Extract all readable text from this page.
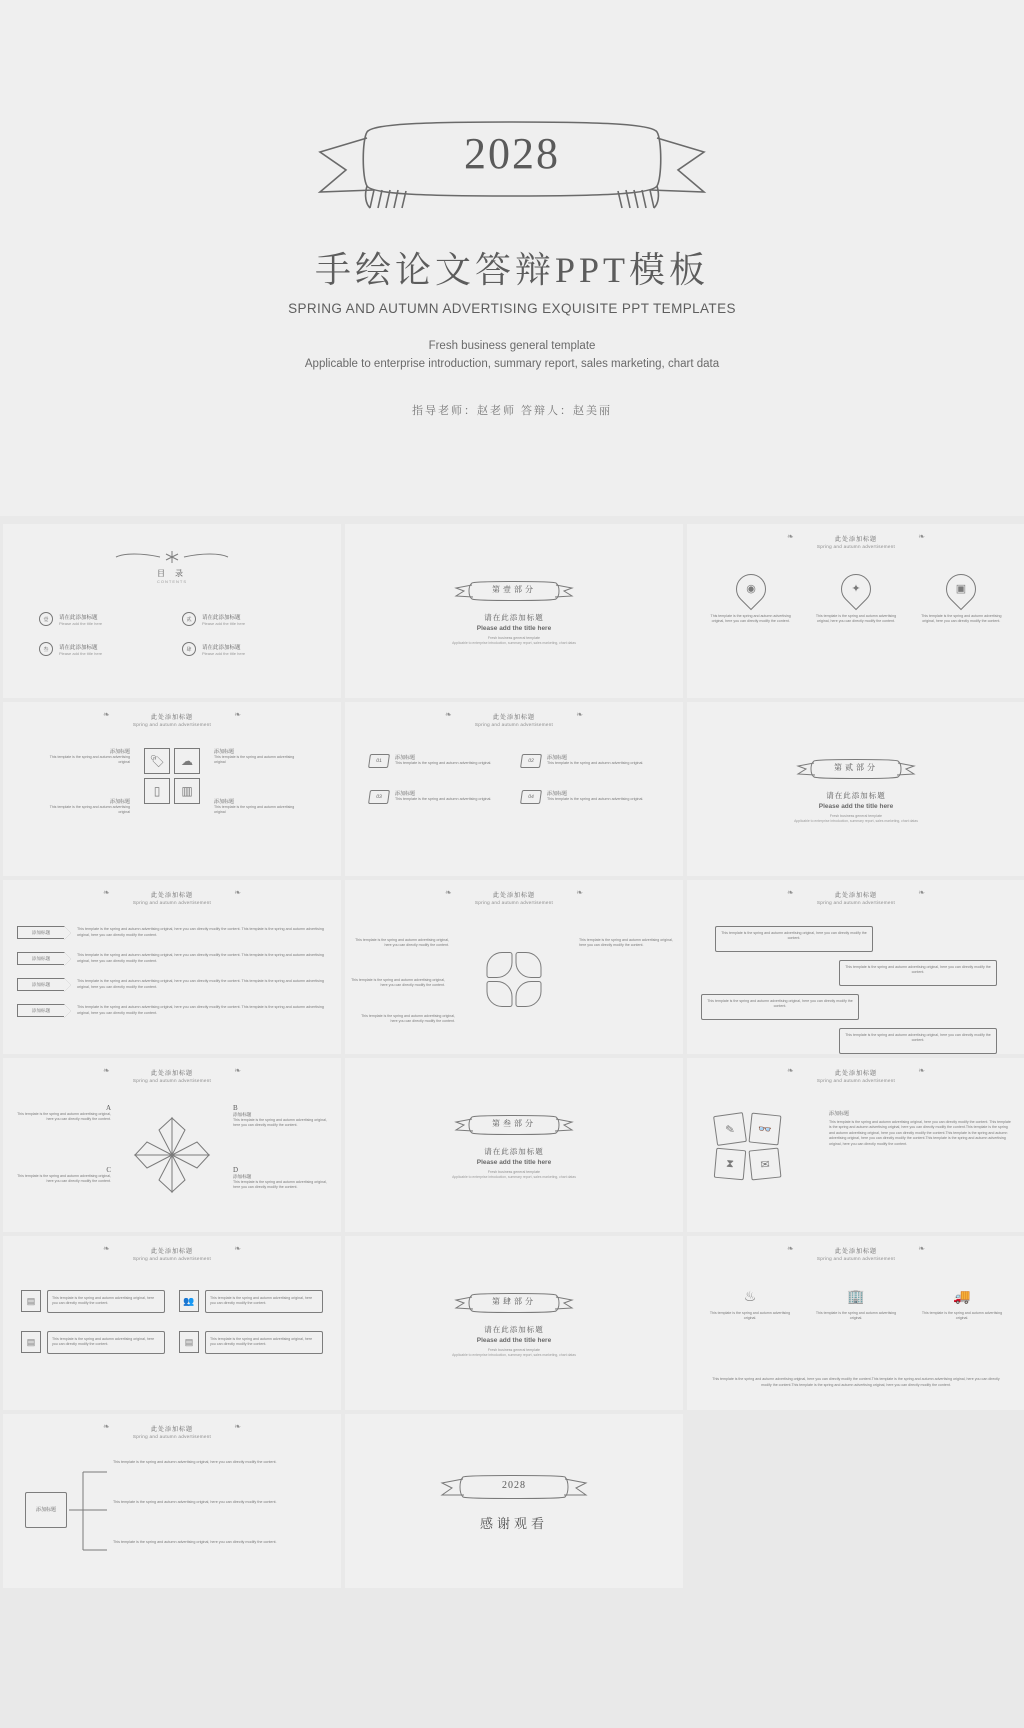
2028
手绘论文答辩PPT模板
SPRING AND AUTUMN ADVERTISING EXQUISITE PPT TEMPLATES
Fresh business general template
Applicable to enterprise introduction, summary report, sales marketing, chart data
指导老师：赵老师 答辩人：赵美丽
目 录
CONTENTS
壹	请在此添加标题
Please add the title here
贰	请在此添加标题
Please add the title here
叁	请在此添加标题
Please add the title here
肆	请在此添加标题
Please add the title here
第壹部分
请在此添加标题
Please add the title here
Fresh business general template
Applicable to enterprise introduction, summary report, sales marketing, chart datas
此处添加标题
Spring and autumn advertisement
❧	❧
◉
This template is the spring and autumn advertising original, here you can directly modify the content.
✦
This template is the spring and autumn advertising original, here you can directly modify the content.
▣
This template is the spring and autumn advertising original, here you can directly modify the content.
此处添加标题
Spring and autumn advertisement
❧	❧
添加标题
This template is the spring and autumn advertising original
添加标题
This template is the spring and autumn advertising original
🏷	☁
▯	▥
添加标题
This template is the spring and autumn advertising original
添加标题
This template is the spring and autumn advertising original
此处添加标题
Spring and autumn advertisement
❧	❧
01	添加标题
This template is the spring and autumn advertising original.	02	添加标题
This template is the spring and autumn advertising original.
03	添加标题
This template is the spring and autumn advertising original.	04	添加标题
This template is the spring and autumn advertising original.
第贰部分
请在此添加标题
Please add the title here
Fresh business general template
Applicable to enterprise introduction, summary report, sales marketing, chart datas
此处添加标题
Spring and autumn advertisement
❧	❧
添加标题
This template is the spring and autumn advertising original, here you can directly modify the content. This template is the spring and autumn advertising original, here you can directly modify the content.
添加标题
This template is the spring and autumn advertising original, here you can directly modify the content. This template is the spring and autumn advertising original, here you can directly modify the content.
添加标题
This template is the spring and autumn advertising original, here you can directly modify the content. This template is the spring and autumn advertising original, here you can directly modify the content.
添加标题
This template is the spring and autumn advertising original, here you can directly modify the content. This template is the spring and autumn advertising original, here you can directly modify the content.
此处添加标题
Spring and autumn advertisement
❧	❧
This template is the spring and autumn advertising original, here you can directly modify the content.
This template is the spring and autumn advertising original, here you can directly modify the content.
This template is the spring and autumn advertising original, here you can directly modify the content.
This template is the spring and autumn advertising original, here you can directly modify the content.
此处添加标题
Spring and autumn advertisement
❧	❧
This template is the spring and autumn advertising original, here you can directly modify the content.
This template is the spring and autumn advertising original, here you can directly modify the content.
This template is the spring and autumn advertising original, here you can directly modify the content.
This template is the spring and autumn advertising original, here you can directly modify the content.
此处添加标题
Spring and autumn advertisement
❧	❧
A
This template is the spring and autumn advertising original, here you can directly modify the content.
B
添加标题
This template is the spring and autumn advertising original, here you can directly modify the content.
C
This template is the spring and autumn advertising original, here you can directly modify the content.
D
添加标题
This template is the spring and autumn advertising original, here you can directly modify the content.
第叁部分
请在此添加标题
Please add the title here
Fresh business general template
Applicable to enterprise introduction, summary report, sales marketing, chart datas
此处添加标题
Spring and autumn advertisement
❧	❧
✎	👓
⧗	✉
添加标题
This template is the spring and autumn advertising original, here you can directly modify the content. This template is the spring and autumn advertising original, here you can directly modify the content.This template is the spring and autumn advertising original, here you can directly modify the content.This template is the spring and autumn advertising original, here you can directly modify the content.This template is the spring and autumn advertising original, here you can directly modify the content.
此处添加标题
Spring and autumn advertisement
❧	❧
▤	This template is the spring and autumn advertising original, here you can directly modify the content.	👥	This template is the spring and autumn advertising original, here you can directly modify the content.
▤	This template is the spring and autumn advertising original, here you can directly modify the content.	▤	This template is the spring and autumn advertising original, here you can directly modify the content.
第肆部分
请在此添加标题
Please add the title here
Fresh business general template
Applicable to enterprise introduction, summary report, sales marketing, chart datas
此处添加标题
Spring and autumn advertisement
❧	❧
♨
This template is the spring and autumn advertising original.
🏢
This template is the spring and autumn advertising original.
🚚
This template is the spring and autumn advertising original.
This template is the spring and autumn advertising original, here you can directly modify the content.This template is the spring and autumn advertising original, here you can directly modify the content.This template is the spring and autumn advertising original, here you can directly modify the content.
此处添加标题
Spring and autumn advertisement
❧	❧
添加标题
This template is the spring and autumn advertising original, here you can directly modify the content.
This template is the spring and autumn advertising original, here you can directly modify the content.
This template is the spring and autumn advertising original, here you can directly modify the content.
2028
感谢观看
